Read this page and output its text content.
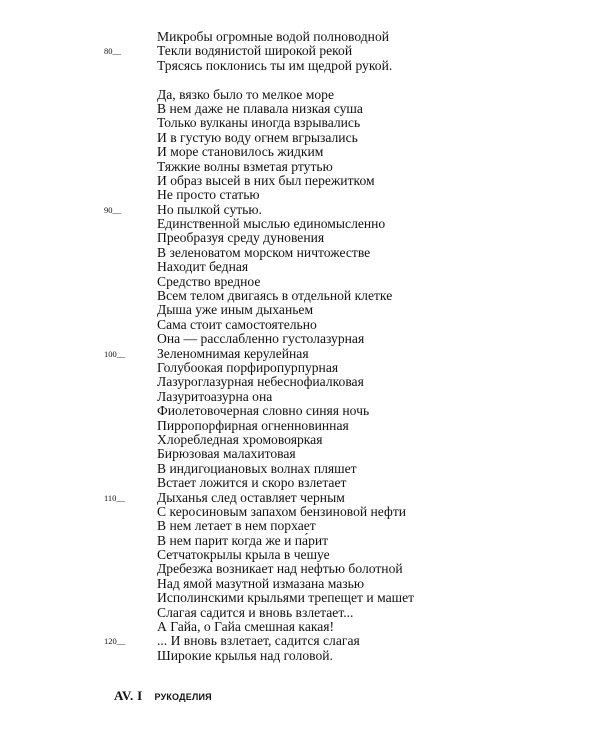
Микробы огромные водой полноводной
80__	Текли водянистой широкой рекой
Трясясь поклонись ты им щедрой рукой.
Да, вязко было то мелкое море
В нем даже не плавала низкая суша
Только вулканы иногда взрывались
И в густую воду огнем вгрызались
И море становилось жидким
Тяжкие волны взметая ртутью
И образ высей в них был пережитком
Не просто статью
90__	Но пылкой сутью.
Единственной мыслью единомысленно
Преобразуя среду дуновения
В зеленоватом морском ничтожестве
Находит бедная
Средство вредное
Всем телом двигаясь в отдельной клетке
Дыша уже иным дыханьем
Сама стоит самостоятельно
Она — расслабленно густолазурная
100__ Зеленомнимая керулейная
Голубоокая порфиропурпурная
Лазуроглазурная небеснофиалковая
Лазуритоазурна она
Фиолетовочерная словно синяя ночь
Пирропорфирная огненновинная
Хлоребледная хромовояркая
Бирюзовая малахитовая
В индигоциановых волнах пляшет
Встает ложится и скоро взлетает
110__ Дыханья след оставляет черным
С керосиновым запахом бензиновой нефти
В нем летает в нем порхает
В нем парит когда же и па́рит
Сетчатокрылы крыла в чешуе
Дребезжа возникает над нефтью болотной
Над ямой мазутной измазана мазью
Исполинскими крыльями трепещет и машет
Слагая садится и вновь взлетает...
А Гайа, о Гайа смешная какая!
120__ ... И вновь взлетает, садится слагая
Широкие крылья над головой.
AV. I РУКОДЕЛИЯ
